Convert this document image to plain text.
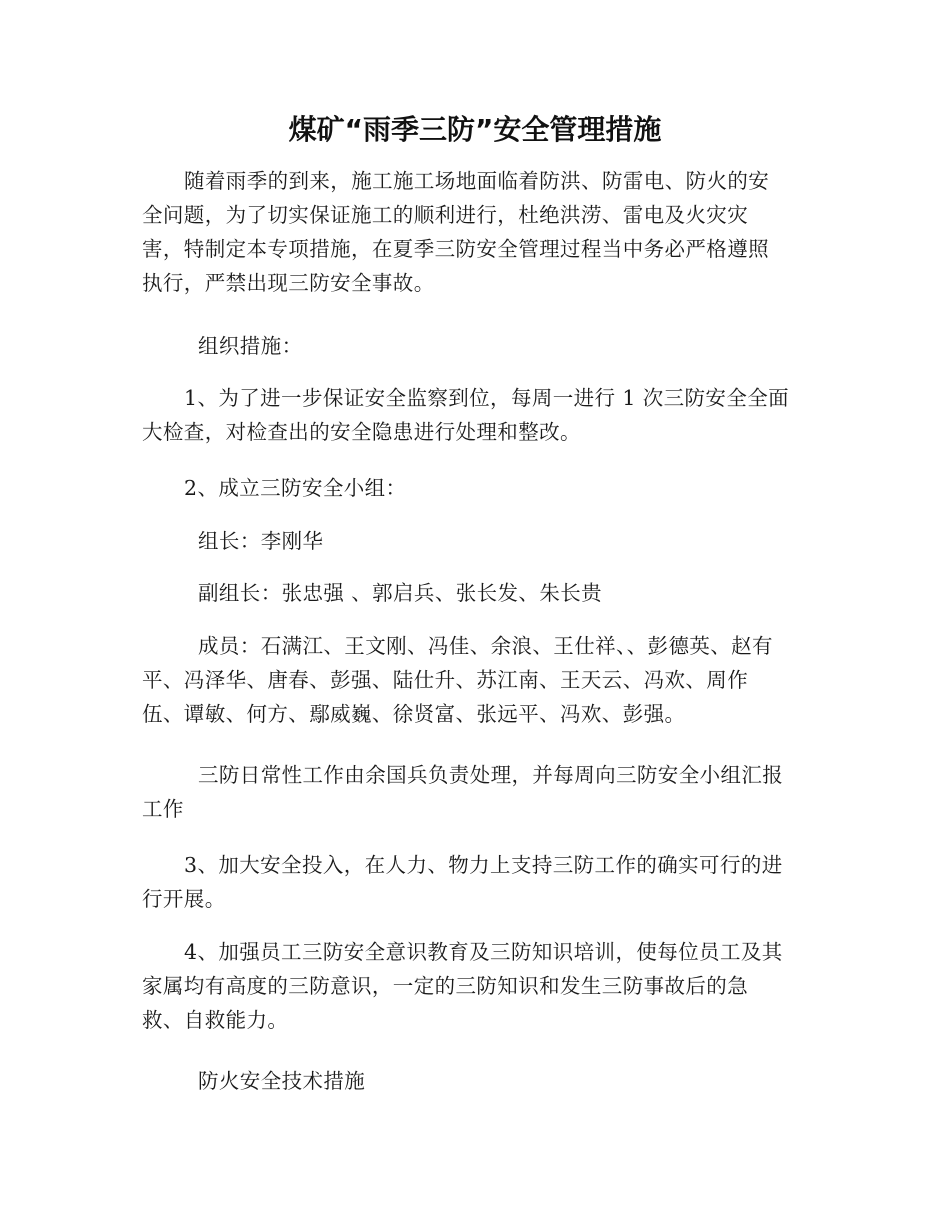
煤矿“雨季三防”安全管理措施
随着雨季的到来，施工施工场地面临着防洪、防雷电、防火的安
全问题，为了切实保证施工的顺利进行，杜绝洪涝、雷电及火灾灾
害，特制定本专项措施，在夏季三防安全管理过程当中务必严格遵照
执行，严禁出现三防安全事故。
组织措施：
1、为了进一步保证安全监察到位，每周一进行 1 次三防安全全面
大检查，对检查出的安全隐患进行处理和整改。
2、成立三防安全小组：
组长：李刚华
副组长：张忠强 、郭启兵、张长发、朱长贵
成员：石满江、王文刚、冯佳、余浪、王仕祥、、彭德英、赵有
平、冯泽华、唐春、彭强、陆仕升、苏江南、王天云、冯欢、周作
伍、谭敏、何方、鄢威巍、徐贤富、张远平、冯欢、彭强。
三防日常性工作由余国兵负责处理，并每周向三防安全小组汇报
工作
3、加大安全投入，在人力、物力上支持三防工作的确实可行的进
行开展。
4、加强员工三防安全意识教育及三防知识培训，使每位员工及其
家属均有高度的三防意识，一定的三防知识和发生三防事故后的急
救、自救能力。
防火安全技术措施
